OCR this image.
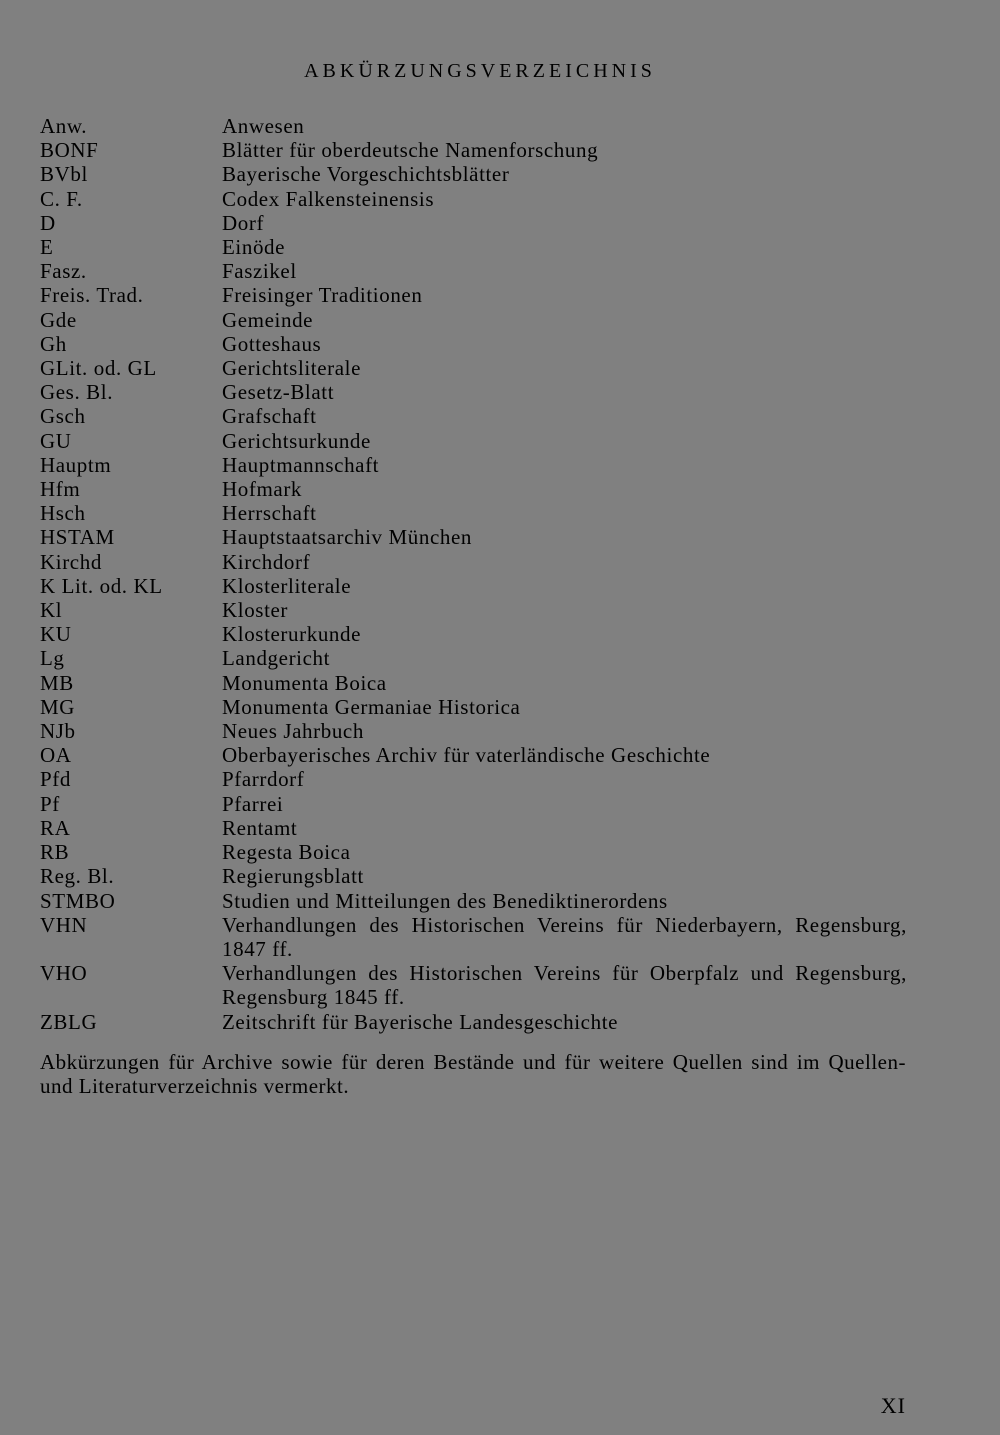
ABKÜRZUNGSVERZEICHNIS
Anw.	Anwesen
BONF	Blätter für oberdeutsche Namenforschung
BVbl	Bayerische Vorgeschichtsblätter
C. F.	Codex Falkensteinensis
D	Dorf
E	Einöde
Fasz.	Faszikel
Freis. Trad.	Freisinger Traditionen
Gde	Gemeinde
Gh	Gotteshaus
GLit. od. GL	Gerichtsliterale
Ges. Bl.	Gesetz-Blatt
Gsch	Grafschaft
GU	Gerichtsurkunde
Hauptm	Hauptmannschaft
Hfm	Hofmark
Hsch	Herrschaft
HSTAM	Hauptstaatsarchiv München
Kirchd	Kirchdorf
K Lit. od. KL	Klosterliterale
Kl	Kloster
KU	Klosterurkunde
Lg	Landgericht
MB	Monumenta Boica
MG	Monumenta Germaniae Historica
NJb	Neues Jahrbuch
OA	Oberbayerisches Archiv für vaterländische Geschichte
Pfd	Pfarrdorf
Pf	Pfarrei
RA	Rentamt
RB	Regesta Boica
Reg. Bl.	Regierungsblatt
STMBO	Studien und Mitteilungen des Benediktinerordens
VHN	Verhandlungen des Historischen Vereins für Niederbayern, Regensburg, 1847 ff.
VHO	Verhandlungen des Historischen Vereins für Oberpfalz und Regensburg, Regensburg 1845 ff.
ZBLG	Zeitschrift für Bayerische Landesgeschichte

Abkürzungen für Archive sowie für deren Bestände und für weitere Quellen sind im Quellen- und Literaturverzeichnis vermerkt.

XI
